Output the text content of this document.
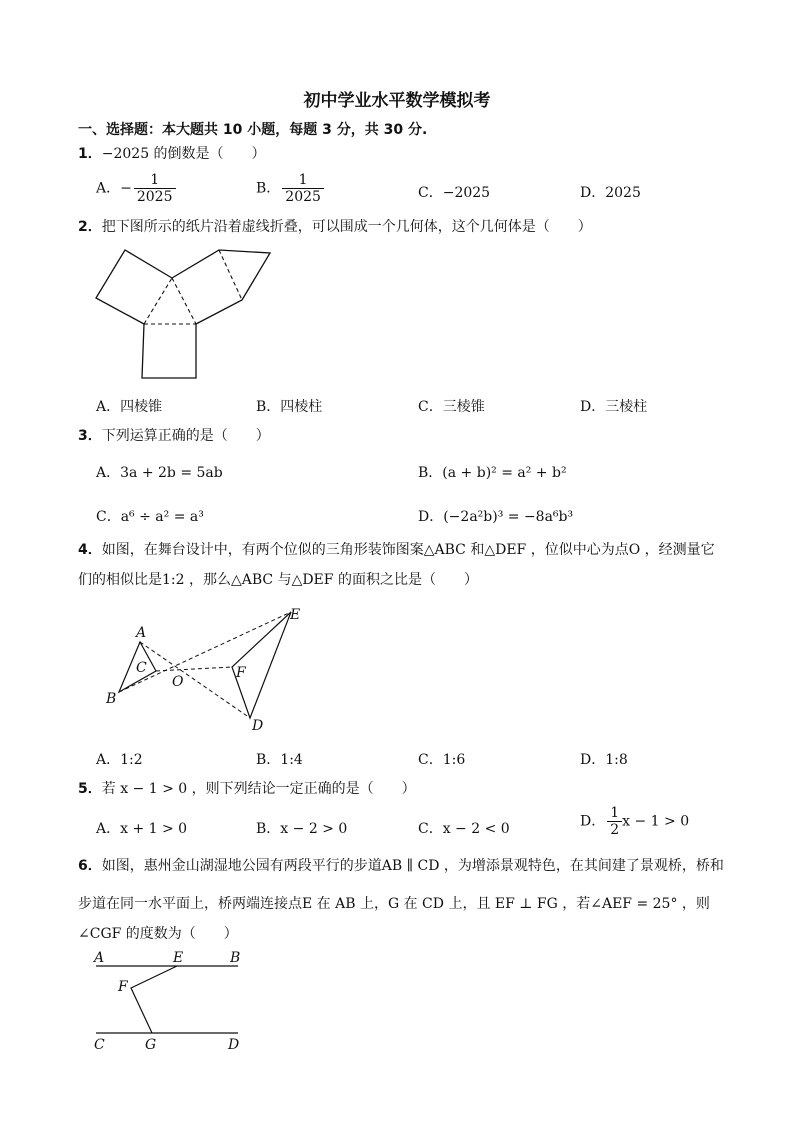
初中学业水平数学模拟考
一、选择题：本大题共 10 小题，每题 3 分，共 30 分.
1．−2025 的倒数是（　　）
A．− $\frac{1}{2025}$	B． $\frac{1}{2025}$	C．−2025	D．2025
2．把下图所示的纸片沿着虚线折叠，可以围成一个几何体，这个几何体是（　　）
A．四棱锥	B．四棱柱	C．三棱锥	D．三棱柱
3．下列运算正确的是（　　）
A．3a + 2b = 5ab	B．(a + b)² = a² + b²
C．a⁶ ÷ a² = a³	D．(−2a²b)³ = −8a⁶b³
4．如图，在舞台设计中，有两个位似的三角形装饰图案△ABC 和△DEF ，位似中心为点O ，经测量它
们的相似比是1:2 ，那么△ABC 与△DEF 的面积之比是（　　）
A
B
C
O
F
D
E
A．1:2	B．1:4	C．1:6	D．1:8
5．若 x − 1 > 0 ，则下列结论一定正确的是（　　）
A．x + 1 > 0	B．x − 2 > 0	C．x − 2 < 0	D． $\frac{1}{2}$ x − 1 > 0
6．如图，惠州金山湖湿地公园有两段平行的步道AB ∥ CD ，为增添景观特色，在其间建了景观桥，桥和
步道在同一水平面上，桥两端连接点E 在 AB 上，G 在 CD 上，且 EF ⊥ FG ，若∠AEF = 25° ，则
∠CGF 的度数为（　　）
A	E	B
F
C	G	D
